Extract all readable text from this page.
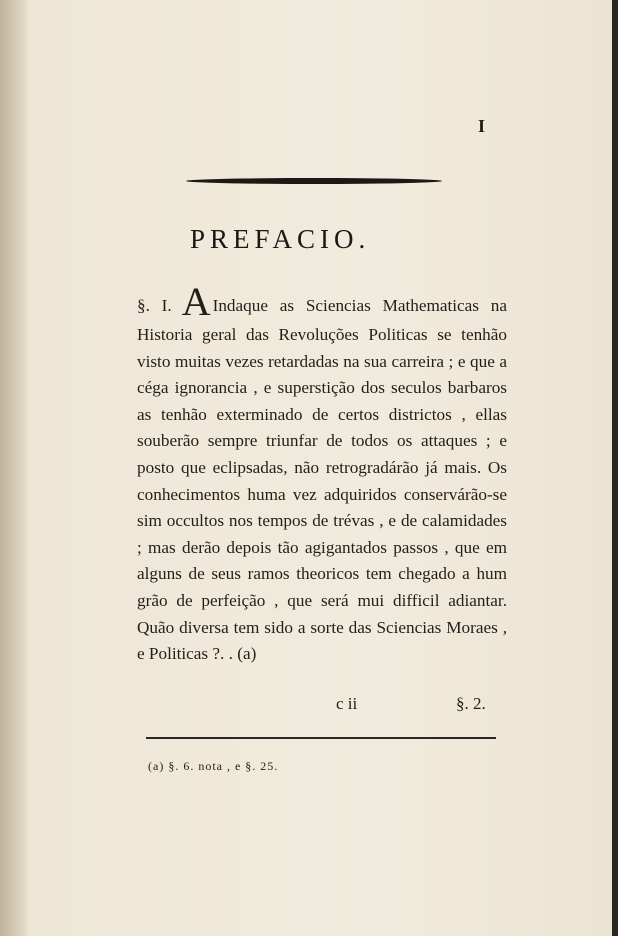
I
PREFACIO.
§. I. A Indaque as Sciencias Mathematicas na Historia geral das Revoluções Politicas se tenhão visto muitas vezes retardadas na sua carreira ; e que a céga ignorancia , e superstição dos seculos barbaros as tenhão exterminado de certos districtos , ellas souberão sempre triunfar de todos os attaques ; e posto que eclipsadas, não retrogradárão já mais. Os conhecimentos huma vez adquiridos conservárão-se sim occultos nos tempos de trévas , e de calamidades ; mas derão depois tão agigantados passos , que em alguns de seus ramos theoricos tem chegado a hum grão de perfeição , que será mui difficil adiantar. Quão diversa tem sido a sorte das Sciencias Moraes , e Politicas ?. . (a)
c ii	§. 2.
(a) §. 6. nota , e §. 25.
